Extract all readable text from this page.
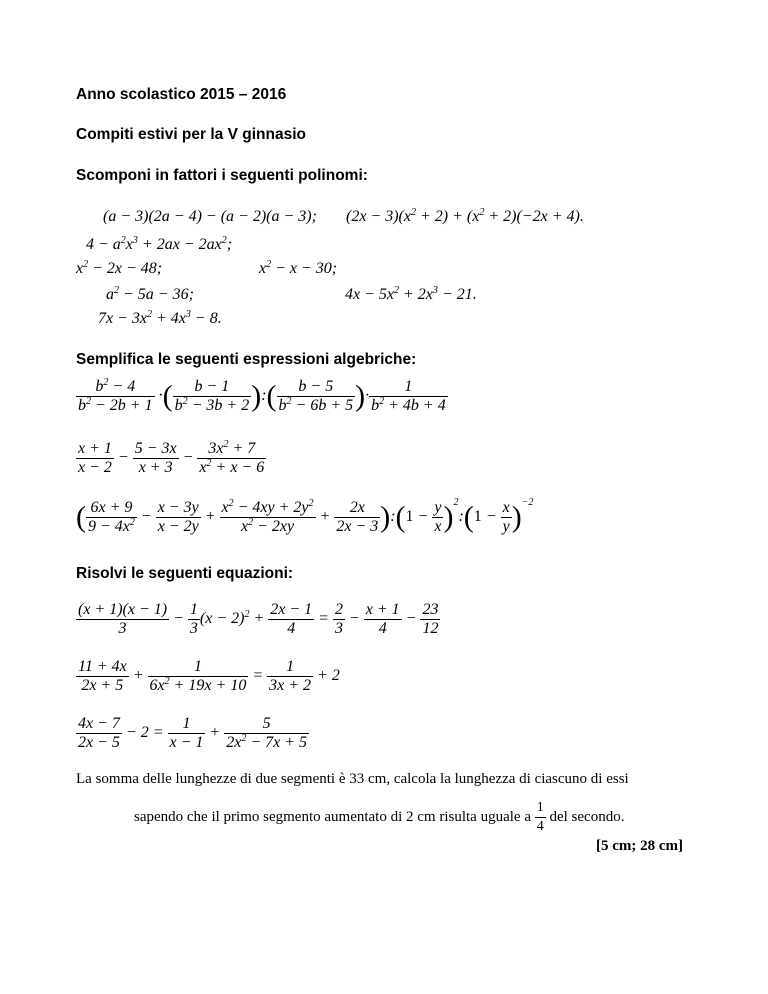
Anno scolastico 2015 – 2016
Compiti estivi per la V ginnasio
Scomponi in fattori i seguenti polinomi:
(a − 3)(2a − 4) − (a − 2)(a − 3); $(2x - 3)(x^2 + 2) + (x^2 + 2)(-2x + 4)$.
$4 - a^2x^3 + 2ax - 2ax^2$;
$x^2 - 2x - 48$;	$x^2 - x - 30$;
$a^2 - 5a - 36$;	$4x - 5x^2 + 2x^3 - 21$.
$7x - 3x^2 + 4x^3 - 8$.
Semplifica le seguenti espressioni algebriche:
$\frac{b^2 - 4}{b^2 - 2b + 1}$ ·( $\frac{b - 1}{b^2 - 3b + 2}$ ):( $\frac{b - 5}{b^2 - 6b + 5}$ )· $\frac{1}{b^2 + 4b + 4}$
$\frac{x + 1}{x - 2} - \frac{5 - 3x}{x + 3} - \frac{3x^2 + 7}{x^2 + x - 6}$
( $\frac{6x + 9}{9 - 4x^2} - \frac{x - 3y}{x - 2y} + \frac{x^2 - 4xy + 2y^2}{x^2 - 2xy} + \frac{2x}{2x - 3}$ ):(1 − $\frac{y}{x}$ )$^2$:(1 − $\frac{x}{y} )^{-2}$
Risolvi le seguenti equazioni:
$\frac{(x + 1)(x - 1)}{3} - \frac{1}{3} (x - 2)^2 + \frac{2x - 1}{4} = \frac{2}{3} - \frac{x + 1}{4} - \frac{23}{12}$
$\frac{11 + 4x}{2x + 5} + \frac{1}{6x^2 + 19x + 10} = \frac{1}{3x + 2} + 2$
$\frac{4x - 7}{2x - 5} - 2 = \frac{1}{x - 1} + \frac{5}{2x^2 - 7x + 5}$
La somma delle lunghezze di due segmenti è 33 cm, calcola la lunghezza di ciascuno di essi
sapendo che il primo segmento aumentato di 2 cm risulta uguale a $\frac{1}{4}$ del secondo.
[5 cm; 28 cm]
